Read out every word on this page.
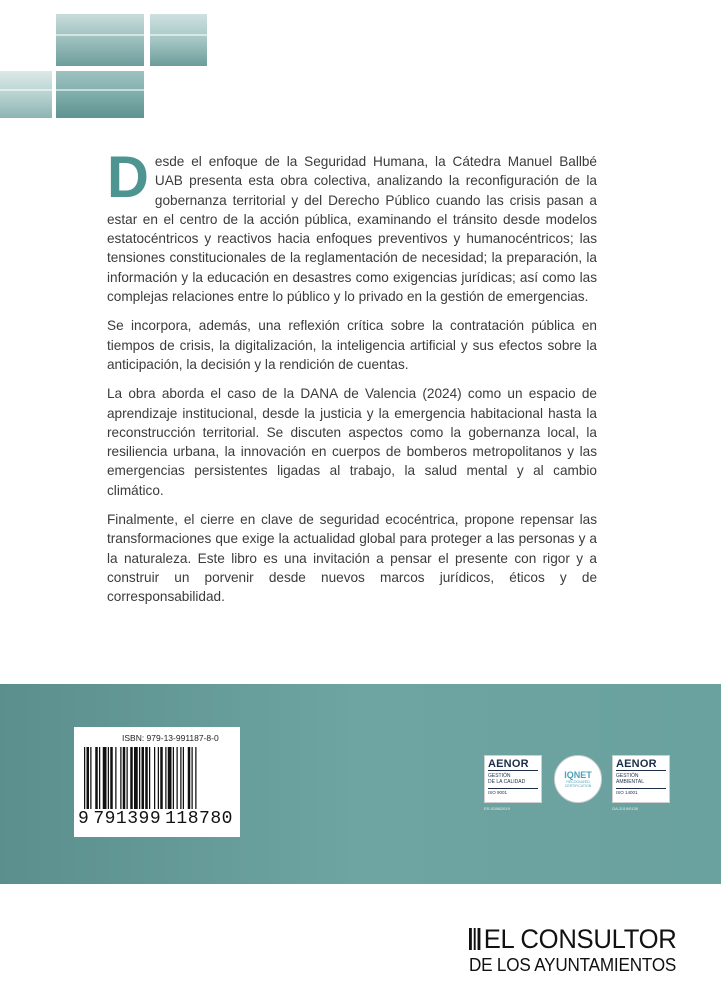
Desde el enfoque de la Seguridad Humana, la Cátedra Manuel Ballbé UAB presenta esta obra colectiva, analizando la reconfiguración de la gobernanza territorial y del Derecho Público cuando las crisis pasan a estar en el centro de la acción pública, examinando el tránsito desde modelos estatocéntricos y reactivos hacia enfoques preventivos y humanocéntricos; las tensiones constitucionales de la reglamentación de necesidad; la preparación, la información y la educación en desastres como exigencias jurídicas; así como las complejas relaciones entre lo público y lo privado en la gestión de emergencias.

Se incorpora, además, una reflexión crítica sobre la contratación pública en tiempos de crisis, la digitalización, la inteligencia artificial y sus efectos sobre la anticipación, la decisión y la rendición de cuentas.

La obra aborda el caso de la DANA de Valencia (2024) como un espacio de aprendizaje institucional, desde la justicia y la emergencia habitacional hasta la reconstrucción territorial. Se discuten aspectos como la gobernanza local, la resiliencia urbana, la innovación en cuerpos de bomberos metropolitanos y las emergencias persistentes ligadas al trabajo, la salud mental y al cambio climático.

Finalmente, el cierre en clave de seguridad ecocéntrica, propone repensar las transformaciones que exige la actualidad global para proteger a las personas y a la naturaleza. Este libro es una invitación a pensar el presente con rigor y a construir un porvenir desde nuevos marcos jurídicos, éticos y de corresponsabilidad.

ISBN: 979-13-991187-8-0
9 791399 118780
AENOR
GESTIÓN
DE LA CALIDAD
ISO 9001
ER-0286/2019
IQNET
RECOGNIZED
CERTIFICATION
AENOR
GESTIÓN
AMBIENTAL
ISO 14001
GA-2019/0130
EL CONSULTOR
DE LOS AYUNTAMIENTOS
